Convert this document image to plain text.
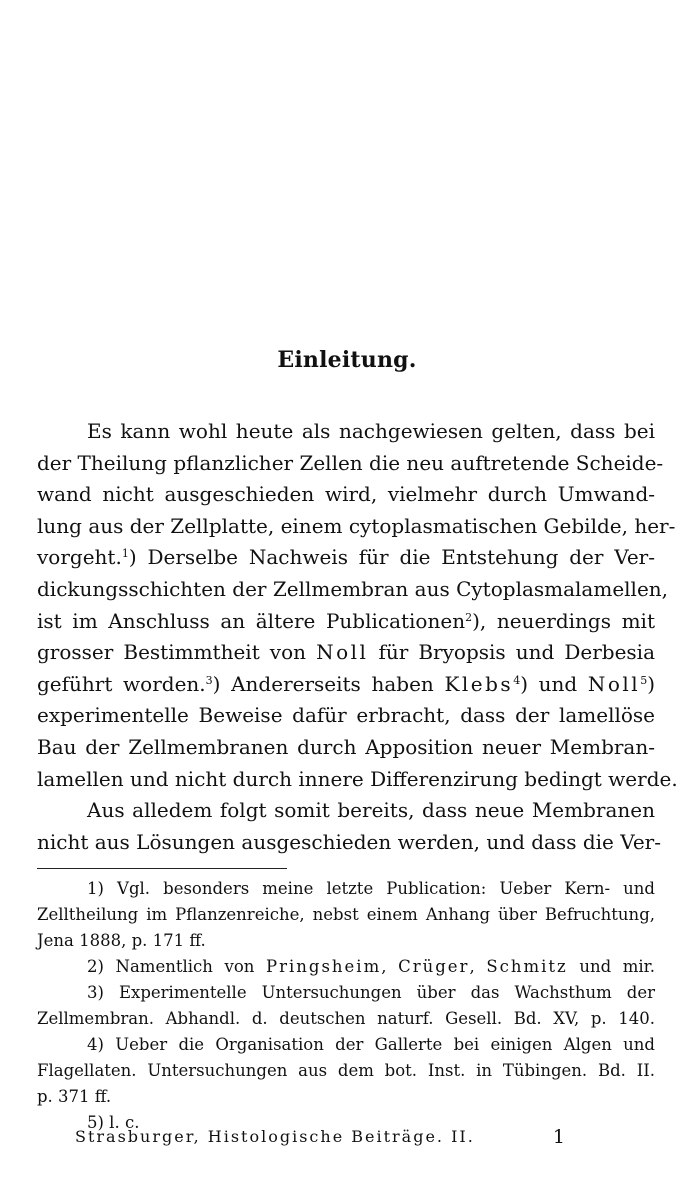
Einleitung.
Es kann wohl heute als nachgewiesen gelten, dass bei
der Theilung pflanzlicher Zellen die neu auftretende Scheide-
wand nicht ausgeschieden wird, vielmehr durch Umwand-
lung aus der Zellplatte, einem cytoplasmatischen Gebilde, her-
vorgeht.$^1$) Derselbe Nachweis für die Entstehung der Ver-
dickungsschichten der Zellmembran aus Cytoplasmalamellen,
ist im Anschluss an ältere Publicationen$^2$), neuerdings mit
grosser Bestimmtheit von Noll für Bryopsis und Derbesia
geführt worden.$^3$) Andererseits haben Klebs$^4$) und Noll$^5$)
experimentelle Beweise dafür erbracht, dass der lamellöse
Bau der Zellmembranen durch Apposition neuer Membran-
lamellen und nicht durch innere Differenzirung bedingt werde.
Aus alledem folgt somit bereits, dass neue Membranen
nicht aus Lösungen ausgeschieden werden, und dass die Ver-
1) Vgl. besonders meine letzte Publication: Ueber Kern- und
Zelltheilung im Pflanzenreiche, nebst einem Anhang über Befruchtung,
Jena 1888, p. 171 ff.
2) Namentlich von Pringsheim, Crüger, Schmitz und mir.
3) Experimentelle Untersuchungen über das Wachsthum der
Zellmembran. Abhandl. d. deutschen naturf. Gesell. Bd. XV, p. 140.
4) Ueber die Organisation der Gallerte bei einigen Algen und
Flagellaten. Untersuchungen aus dem bot. Inst. in Tübingen. Bd. II.
p. 371 ff.
5) l. c.
Strasburger, Histologische Beiträge. II.	1
